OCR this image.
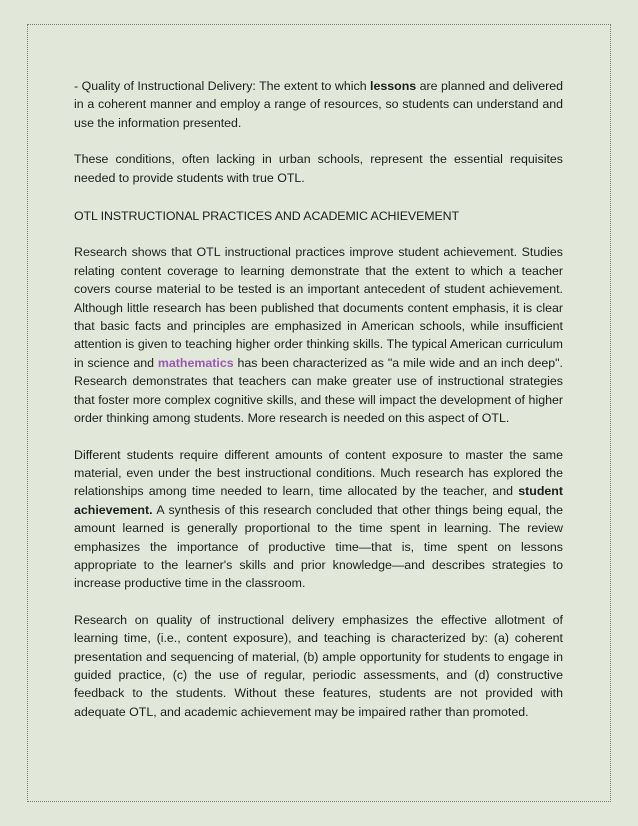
- Quality of Instructional Delivery: The extent to which lessons are planned and delivered in a coherent manner and employ a range of resources, so students can understand and use the information presented.

These conditions, often lacking in urban schools, represent the essential requisites needed to provide students with true OTL.

OTL INSTRUCTIONAL PRACTICES AND ACADEMIC ACHIEVEMENT

Research shows that OTL instructional practices improve student achievement. Studies relating content coverage to learning demonstrate that the extent to which a teacher covers course material to be tested is an important antecedent of student achievement. Although little research has been published that documents content emphasis, it is clear that basic facts and principles are emphasized in American schools, while insufficient attention is given to teaching higher order thinking skills. The typical American curriculum in science and mathematics has been characterized as "a mile wide and an inch deep". Research demonstrates that teachers can make greater use of instructional strategies that foster more complex cognitive skills, and these will impact the development of higher order thinking among students. More research is needed on this aspect of OTL.

Different students require different amounts of content exposure to master the same material, even under the best instructional conditions. Much research has explored the relationships among time needed to learn, time allocated by the teacher, and student achievement. A synthesis of this research concluded that other things being equal, the amount learned is generally proportional to the time spent in learning. The review emphasizes the importance of productive time—that is, time spent on lessons appropriate to the learner's skills and prior knowledge—and describes strategies to increase productive time in the classroom.

Research on quality of instructional delivery emphasizes the effective allotment of learning time, (i.e., content exposure), and teaching is characterized by: (a) coherent presentation and sequencing of material, (b) ample opportunity for students to engage in guided practice, (c) the use of regular, periodic assessments, and (d) constructive feedback to the students. Without these features, students are not provided with adequate OTL, and academic achievement may be impaired rather than promoted.
